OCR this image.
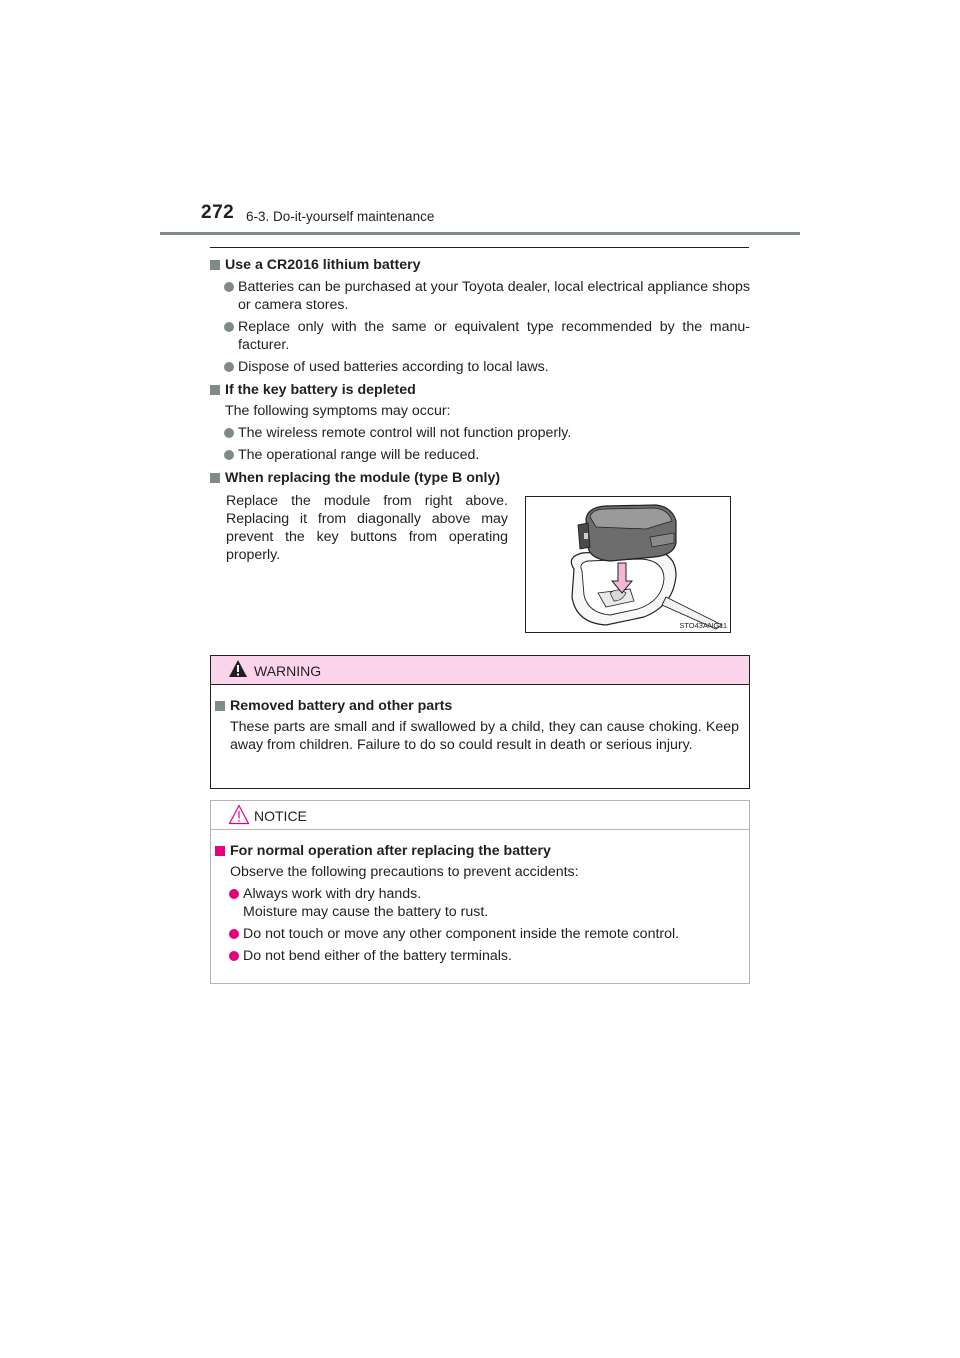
272 6-3. Do-it-yourself maintenance
Use a CR2016 lithium battery
Batteries can be purchased at your Toyota dealer, local electrical appliance shops or camera stores.
Replace only with the same or equivalent type recommended by the manu-facturer.
Dispose of used batteries according to local laws.
If the key battery is depleted
The following symptoms may occur:
The wireless remote control will not function properly.
The operational range will be reduced.
When replacing the module (type B only)
Replace the module from right above. Replacing it from diagonally above may prevent the key buttons from operating properly.
STO43ANG11
WARNING
Removed battery and other parts
These parts are small and if swallowed by a child, they can cause choking. Keep away from children. Failure to do so could result in death or serious injury.
NOTICE
For normal operation after replacing the battery
Observe the following precautions to prevent accidents:
Always work with dry hands.
Moisture may cause the battery to rust.
Do not touch or move any other component inside the remote control.
Do not bend either of the battery terminals.
